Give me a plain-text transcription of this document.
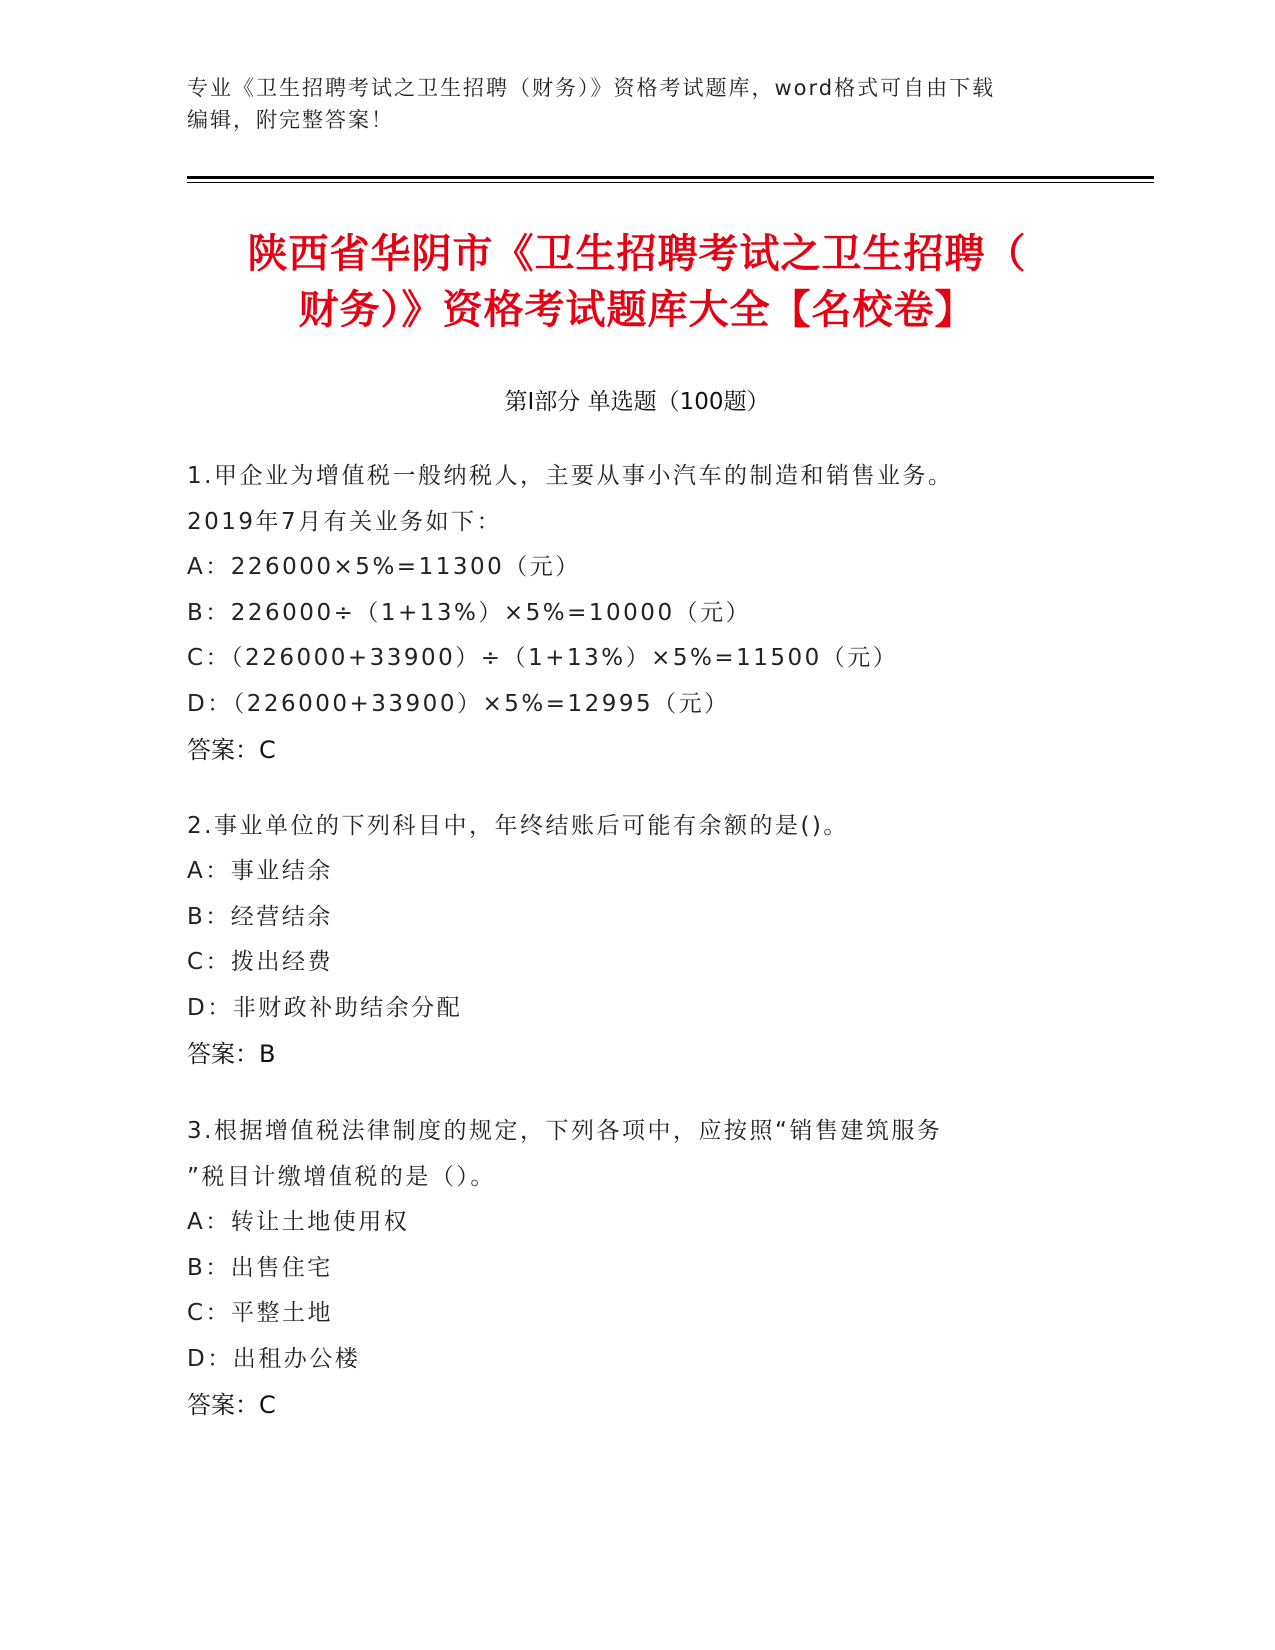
专业《卫生招聘考试之卫生招聘（财务）》资格考试题库，word格式可自由下载
编辑，附完整答案！
陕西省华阴市《卫生招聘考试之卫生招聘（
财务）》资格考试题库大全【名校卷】
第Ⅰ部分 单选题（100题）
1.甲企业为增值税一般纳税人，主要从事小汽车的制造和销售业务。
2019年7月有关业务如下：
A：226000×5%=11300（元）
B：226000÷（1+13%）×5%=10000（元）
C：（226000+33900）÷（1+13%）×5%=11500（元）
D：（226000+33900）×5%=12995（元）
答案：C
2.事业单位的下列科目中，年终结账后可能有余额的是()。
A：事业结余
B：经营结余
C：拨出经费
D：非财政补助结余分配
答案：B
3.根据增值税法律制度的规定，下列各项中，应按照“销售建筑服务
”税目计缴增值税的是（）。
A：转让土地使用权
B：出售住宅
C：平整土地
D：出租办公楼
答案：C
